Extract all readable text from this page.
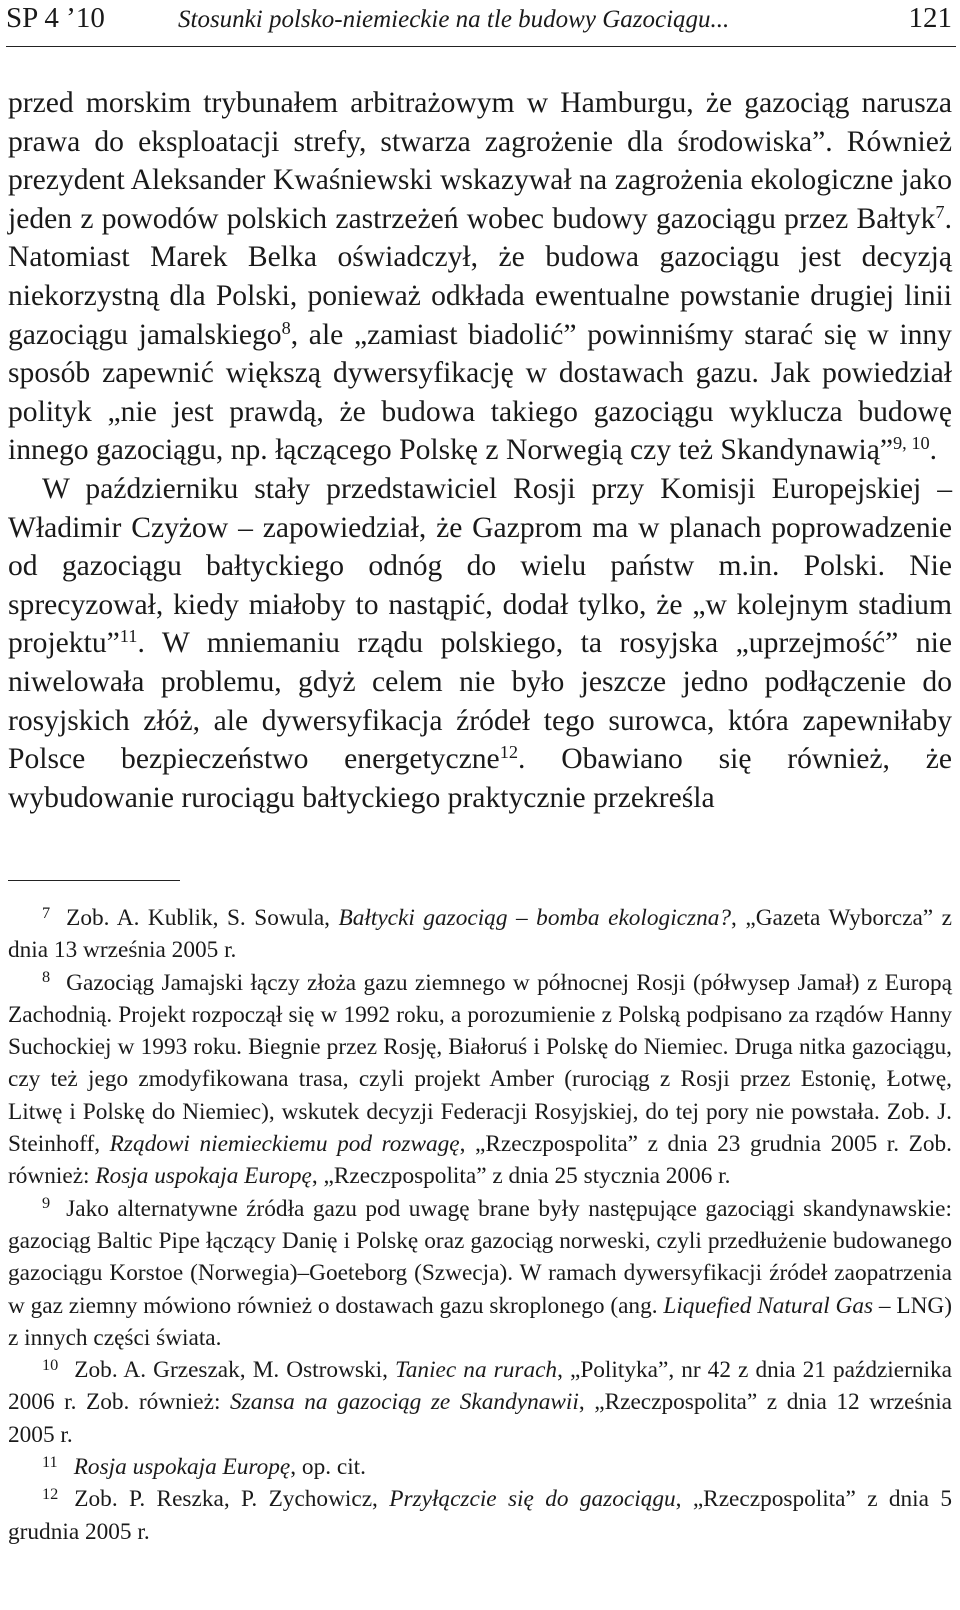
SP 4 ’10	Stosunki polsko-niemieckie na tle budowy Gazociągu...	121

przed morskim trybunałem arbitrażowym w Hamburgu, że gazociąg narusza prawa do eksploatacji strefy, stwarza zagrożenie dla środowiska”. Również prezydent Aleksander Kwaśniewski wskazywał na zagrożenia ekologiczne jako jeden z powodów polskich zastrzeżeń wobec budowy gazociągu przez Bałtyk$^7$. Natomiast Marek Belka oświadczył, że budowa gazociągu jest decyzją niekorzystną dla Polski, ponieważ odkłada ewentualne powstanie drugiej linii gazociągu jamalskiego$^8$, ale „zamiast biadolić” powinniśmy starać się w inny sposób zapewnić większą dywersyfikację w dostawach gazu. Jak powiedział polityk „nie jest prawdą, że budowa takiego gazociągu wyklucza budowę innego gazociągu, np. łączącego Polskę z Norwegią czy też Skandynawią”$^{9, 10}$.

W październiku stały przedstawiciel Rosji przy Komisji Europejskiej – Władimir Czyżow – zapowiedział, że Gazprom ma w planach poprowadzenie od gazociągu bałtyckiego odnóg do wielu państw m.in. Polski. Nie sprecyzował, kiedy miałoby to nastąpić, dodał tylko, że „w kolejnym stadium projektu”$^{11}$. W mniemaniu rządu polskiego, ta rosyjska „uprzejmość” nie niwelowała problemu, gdyż celem nie było jeszcze jedno podłączenie do rosyjskich złóż, ale dywersyfikacja źródeł tego surowca, która zapewniłaby Polsce bezpieczeństwo energetyczne$^{12}$. Obawiano się również, że wybudowanie rurociągu bałtyckiego praktycznie przekreśla

$^7$ Zob. A. Kublik, S. Sowula, Bałtycki gazociąg – bomba ekologiczna?, „Gazeta Wyborcza” z dnia 13 września 2005 r.

$^8$ Gazociąg Jamajski łączy złoża gazu ziemnego w północnej Rosji (półwysep Jamał) z Europą Zachodnią. Projekt rozpoczął się w 1992 roku, a porozumienie z Polską podpisano za rządów Hanny Suchockiej w 1993 roku. Biegnie przez Rosję, Białoruś i Polskę do Niemiec. Druga nitka gazociągu, czy też jego zmodyfikowana trasa, czyli projekt Amber (rurociąg z Rosji przez Estonię, Łotwę, Litwę i Polskę do Niemiec), wskutek decyzji Federacji Rosyjskiej, do tej pory nie powstała. Zob. J. Steinhoff, Rządowi niemieckiemu pod rozwagę, „Rzeczpospolita” z dnia 23 grudnia 2005 r. Zob. również: Rosja uspokaja Europę, „Rzeczpospolita” z dnia 25 stycznia 2006 r.

$^9$ Jako alternatywne źródła gazu pod uwagę brane były następujące gazociągi skandynawskie: gazociąg Baltic Pipe łączący Danię i Polskę oraz gazociąg norweski, czyli przedłużenie budowanego gazociągu Korstoe (Norwegia)–Goeteborg (Szwecja). W ramach dywersyfikacji źródeł zaopatrzenia w gaz ziemny mówiono również o dostawach gazu skroplonego (ang. Liquefied Natural Gas – LNG) z innych części świata.

$^{10}$ Zob. A. Grzeszak, M. Ostrowski, Taniec na rurach, „Polityka”, nr 42 z dnia 21 października 2006 r. Zob. również: Szansa na gazociąg ze Skandynawii, „Rzeczpospolita” z dnia 12 września 2005 r.

$^{11}$ Rosja uspokaja Europę, op. cit.

$^{12}$ Zob. P. Reszka, P. Zychowicz, Przyłączcie się do gazociągu, „Rzeczpospolita” z dnia 5 grudnia 2005 r.
